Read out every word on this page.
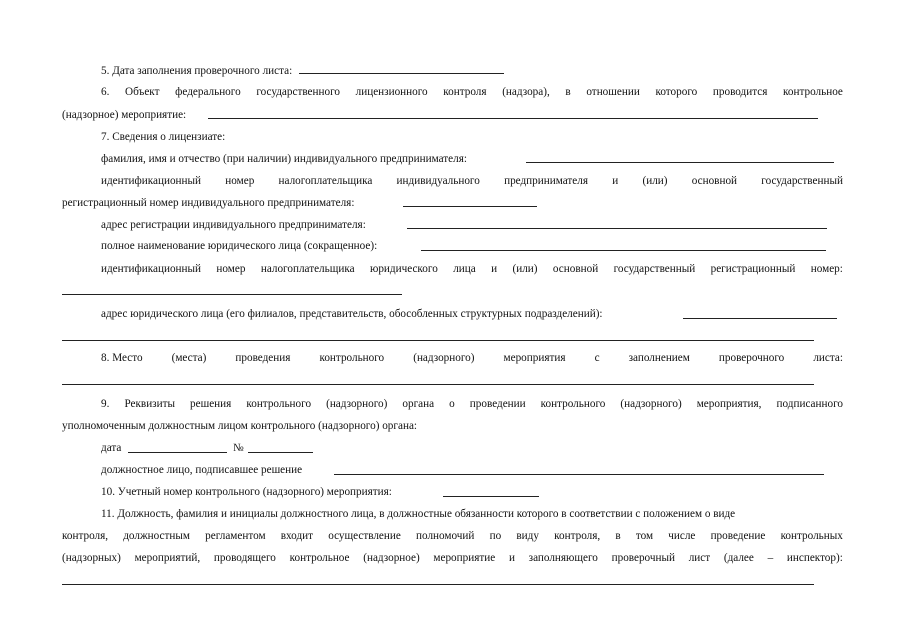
5. Дата заполнения проверочного листа:
6. Объект федерального государственного лицензионного контроля (надзора), в отношении которого проводится контрольное
(надзорное) мероприятие:
7. Сведения о лицензиате:
фамилия, имя и отчество (при наличии) индивидуального предпринимателя:
идентификационный номер налогоплательщика индивидуального предпринимателя и (или) основной государственный
регистрационный номер индивидуального предпринимателя:
адрес регистрации индивидуального предпринимателя:
полное наименование юридического лица (сокращенное):
идентификационный номер налогоплательщика юридического лица и (или) основной государственный регистрационный номер:
адрес юридического лица (его филиалов, представительств, обособленных структурных подразделений):
8. Место	(места)	проведения	контрольного	(надзорного)	мероприятия	с	заполнением	проверочного	листа:
9. Реквизиты решения контрольного (надзорного) органа о проведении контрольного (надзорного) мероприятия, подписанного
уполномоченным должностным лицом контрольного (надзорного) органа:
дата	№
должностное лицо, подписавшее решение
10. Учетный номер контрольного (надзорного) мероприятия:
11. Должность, фамилия и инициалы должностного лица, в должностные обязанности которого в соответствии с положением о виде
контроля, должностным регламентом входит осуществление полномочий по виду контроля, в том числе проведение контрольных
(надзорных) мероприятий, проводящего контрольное (надзорное) мероприятие и заполняющего проверочный лист (далее – инспектор):
